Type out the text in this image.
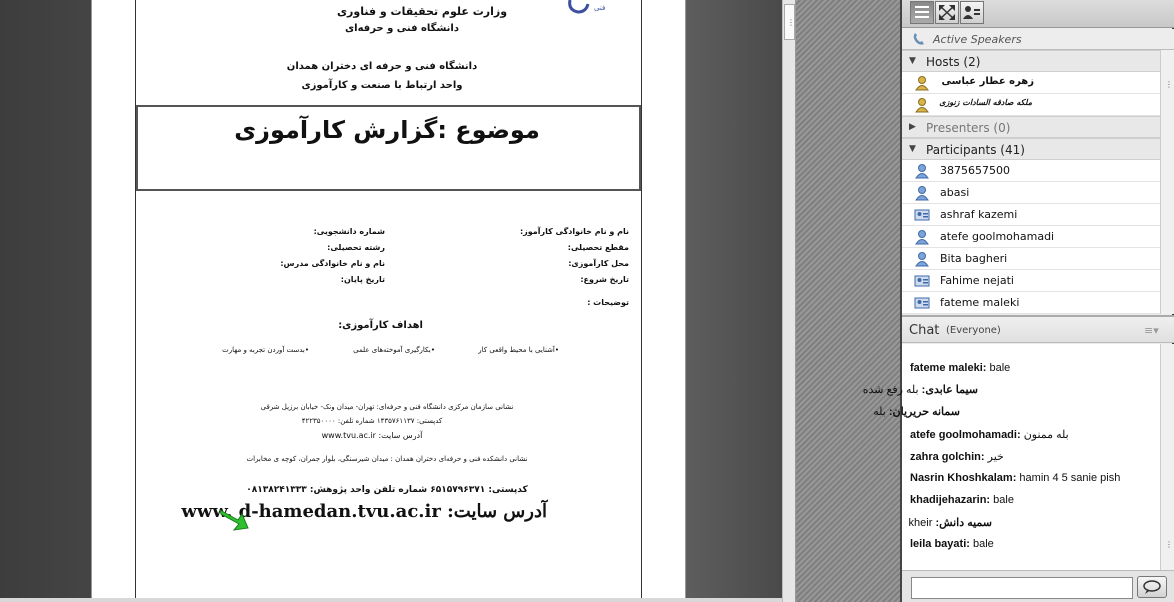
فنی
وزارت علوم تحقیقات و فناوری
دانشگاه فنی و حرفه‌ای
دانشگاه فنی و حرفه ای دختران همدان
واحد ارتباط با صنعت و کارآموزی
موضوع :گزارش کارآموزی
نام و نام خانوادگی کارآموز:
مقطع تحصیلی:
محل کارآموزی:
تاریخ شروع:
شماره دانشجویی:
رشته تحصیلی:
نام و نام خانوادگی مدرس:
تاریخ پایان:
توضیحات :
اهداف کارآموزی:
•آشنایی با محیط واقعی کار
•بکارگیری آموخته‌های علمی
•بدست آوردن تجربه و مهارت
نشانی سازمان مرکزی دانشگاه فنی و حرفه‌ای: تهران- میدان ونک- خیابان برزیل شرقی
کدپستی: ۱۴۳۵۷۶۱۱۳۷ شماره تلفن: ۴۲۲۳۵۰۰۰۰
آدرس سایت: www.tvu.ac.ir
نشانی دانشکده فنی و حرفه‌ای دختران همدان : میدان شیرسنگی، بلوار جمران، کوچه ی مخابرات
کدپستی: ۶۵۱۵۷۹۶۳۷۱ شماره تلفن واحد پژوهش: ۰۸۱۳۸۲۴۱۳۳۳
آدرس سایت: www. d-hamedan.tvu.ac.ir
⋮
Active Speakers
▼ Hosts (2)
زهره عطار عباسی
ملکه صادقه السادات زنوزی
▶ Presenters (0)
▼ Participants (41)
3875657500
abasi
ashraf kazemi
atefe goolmohamadi
Bita bagheri
Fahime nejati
fateme maleki
⋮
Chat (Everyone)	≡▾
fateme maleki: bale
سیما عابدی: بله رفع شده
سمانه حریریان: بله
atefe goolmohamadi: بله ممنون
zahra golchin: خیر
Nasrin Khoshkalam: hamin 4 5 sanie pish
khadijehazarin: bale
سمیه دانش: kheir
leila bayati: bale	⋮
